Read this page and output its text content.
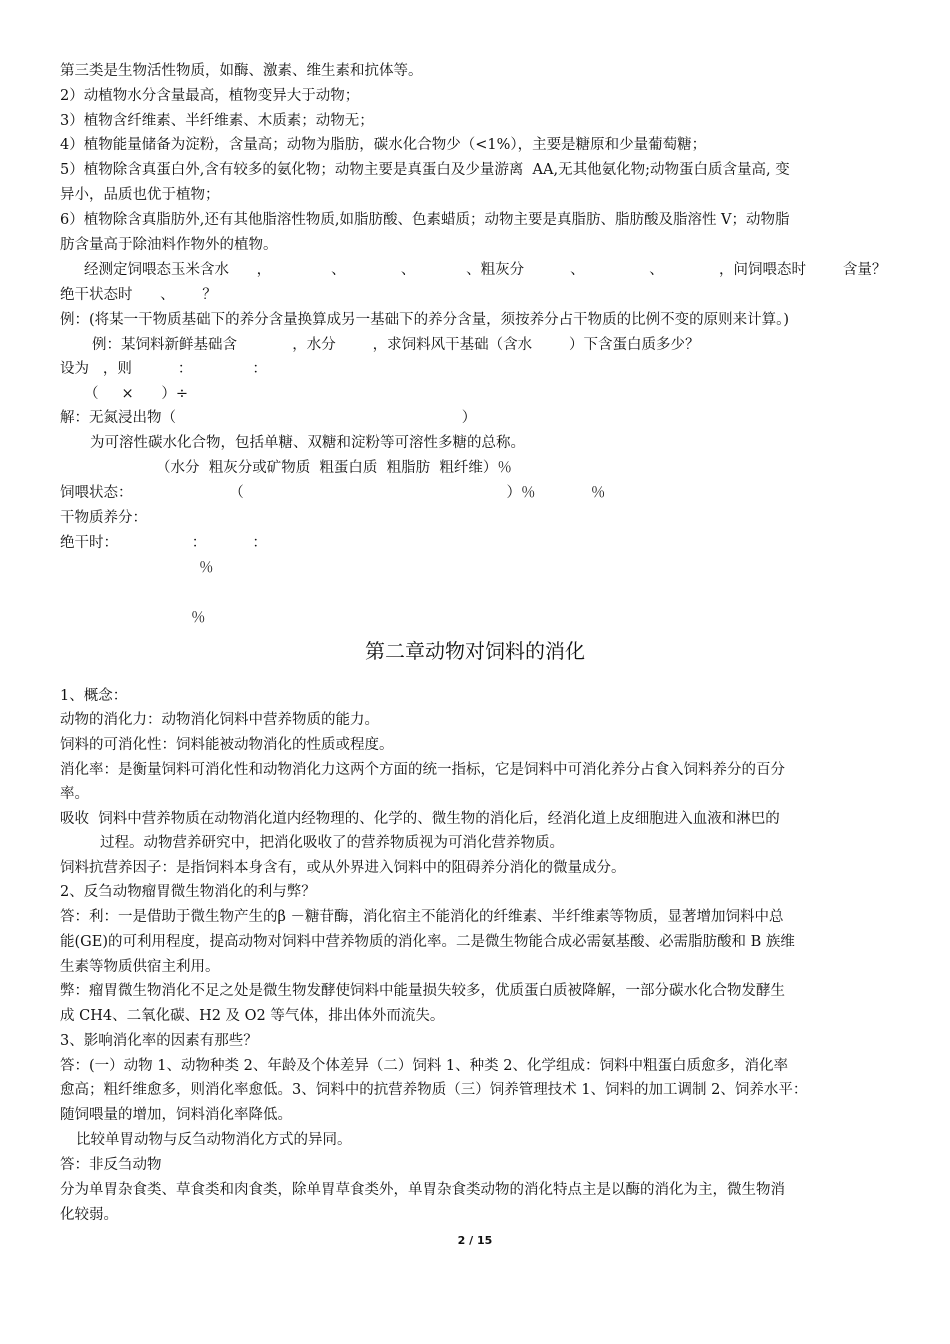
第三类是生物活性物质，如酶、激素、维生素和抗体等。
2）动植物水分含量最高，植物变异大于动物；
3）植物含纤维素、半纤维素、木质素；动物无；
4）植物能量储备为淀粉，含量高；动物为脂肪，碳水化合物少（<1%），主要是糖原和少量葡萄糖；
5）植物除含真蛋白外,含有较多的氨化物；动物主要是真蛋白及少量游离  AA,无其他氨化物;动物蛋白质含量高, 变
异小，品质也优于植物；
6）植物除含真脂肪外,还有其他脂溶性物质,如脂肪酸、色素蜡质；动物主要是真脂肪、脂肪酸及脂溶性 V；动物脂
肪含量高于除油料作物外的植物。
经测定饲喂态玉米含水      ，             、            、           、粗灰分          、              、            ，问饲喂态时        含量？
绝干状态时      、      ？
例：(将某一干物质基础下的养分含量换算成另一基础下的养分含量，须按养分占干物质的比例不变的原则来计算。)
例：某饲料新鲜基础含            ，水分        ，求饲料风干基础（含水        ）下含蛋白质多少？
设为   ，则          ：             ：
（     ×      ）÷
解：无氮浸出物（                                                              ）
为可溶性碳水化合物，包括单糖、双糖和淀粉等可溶性多糖的总称。
（水分  粗灰分或矿物质  粗蛋白质  粗脂肪  粗纤维）％
饲喂状态：                     （                                                         ）％            ％
干物质养分：
绝干时：                ：          ：
％
％
第二章动物对饲料的消化
1、概念：
动物的消化力：动物消化饲料中营养物质的能力。
饲料的可消化性：饲料能被动物消化的性质或程度。
消化率：是衡量饲料可消化性和动物消化力这两个方面的统一指标，它是饲料中可消化养分占食入饲料养分的百分
率。
吸收  饲料中营养物质在动物消化道内经物理的、化学的、微生物的消化后，经消化道上皮细胞进入血液和淋巴的
过程。动物营养研究中，把消化吸收了的营养物质视为可消化营养物质。
饲料抗营养因子：是指饲料本身含有，或从外界进入饲料中的阻碍养分消化的微量成分。
2、反刍动物瘤胃微生物消化的利与弊？
答：利：一是借助于微生物产生的β －糖苷酶，消化宿主不能消化的纤维素、半纤维素等物质，显著增加饲料中总
能(GE)的可利用程度，提高动物对饲料中营养物质的消化率。二是微生物能合成必需氨基酸、必需脂肪酸和 B 族维
生素等物质供宿主利用。
弊：瘤胃微生物消化不足之处是微生物发酵使饲料中能量损失较多，优质蛋白质被降解，一部分碳水化合物发酵生
成 CH4、二氧化碳、H2 及 O2 等气体，排出体外而流失。
3、影响消化率的因素有那些？
答：(一）动物 1、动物种类 2、年龄及个体差异（二）饲料 1、种类 2、化学组成：饲料中粗蛋白质愈多，消化率
愈高；粗纤维愈多，则消化率愈低。3、饲料中的抗营养物质（三）饲养管理技术 1、饲料的加工调制 2、饲养水平：
随饲喂量的增加，饲料消化率降低。
比较单胃动物与反刍动物消化方式的异同。
答：非反刍动物
分为单胃杂食类、草食类和肉食类，除单胃草食类外，单胃杂食类动物的消化特点主是以酶的消化为主，微生物消
化较弱。
2 / 15
